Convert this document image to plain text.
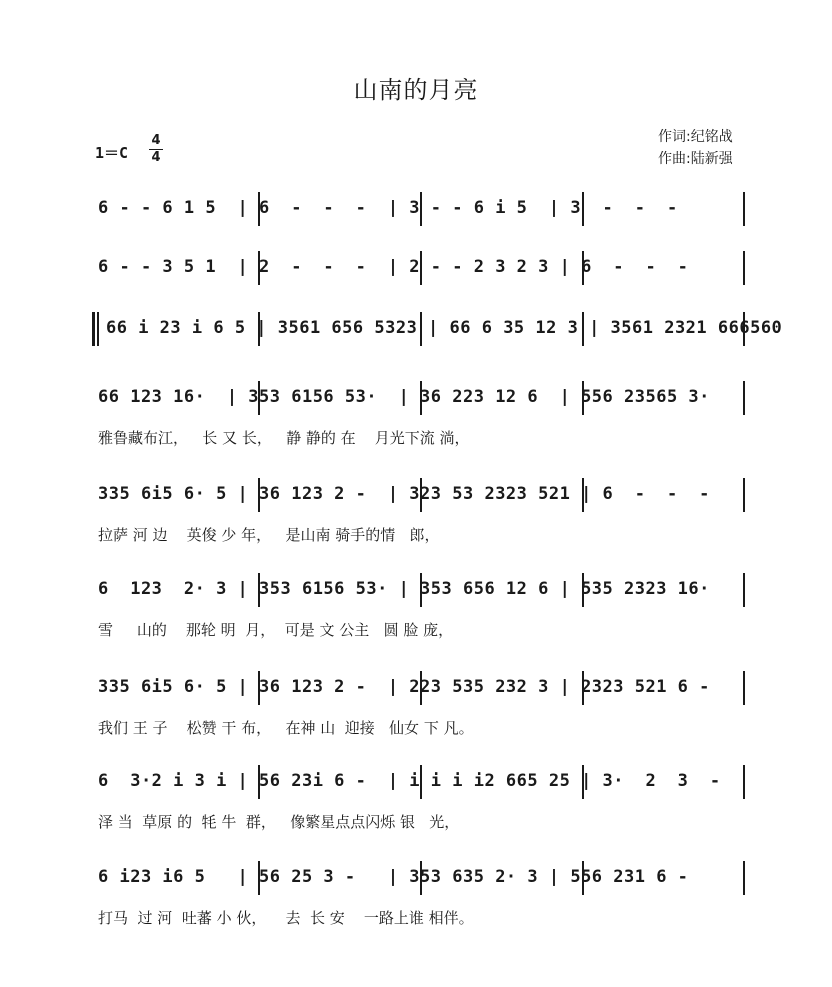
山南的月亮
1＝C
4
4
作词:纪铭战
作曲:陆新强
6 - - 6 1 5  | 6  -  -  -  | 3 - - 6 i 5  | 3  -  -  -
6 - - 3 5 1  | 2  -  -  -  | 2 - - 2 3 2 3 | 6  -  -  -
66 i 23 i 6 5 | 3561 656 5323 | 66 6 35 12 3 | 3561 2321 666560
66 123 16·  | 353 6156 53·  | 36 223 12 6  | 556 23565 3·
雅鲁藏布江，   长 又 长，   静 静的 在    月光下流 淌，
335 6i5 6· 5 | 36 123 2 -  | 323 53 2323 521 | 6  -  -  -
拉萨 河 边    英俊 少 年，   是山南 骑手的情   郎，
6  123  2· 3 | 353 6156 53· | 353 656 12 6 | 535 2323 16·
雪     山的    那轮 明  月，  可是 文 公主   圆 脸 庞，
335 6i5 6· 5 | 36 123 2 -  | 223 535 232 3 | 2323 521 6 -
我们 王 子    松赞 干 布，   在神 山  迎接   仙女 下 凡。
6  3·2 i 3 i | 56 23i 6 -  | i i i i2 665 25 | 3·  2  3  -
泽 当  草原 的  牦 牛  群，   像繁星点点闪烁 银   光，
6 i23 i6 5   | 56 25 3 -   | 353 635 2· 3 | 556 231 6 -
打马  过 河  吐蕃 小 伙，    去  长 安    一路上谁 相伴。
